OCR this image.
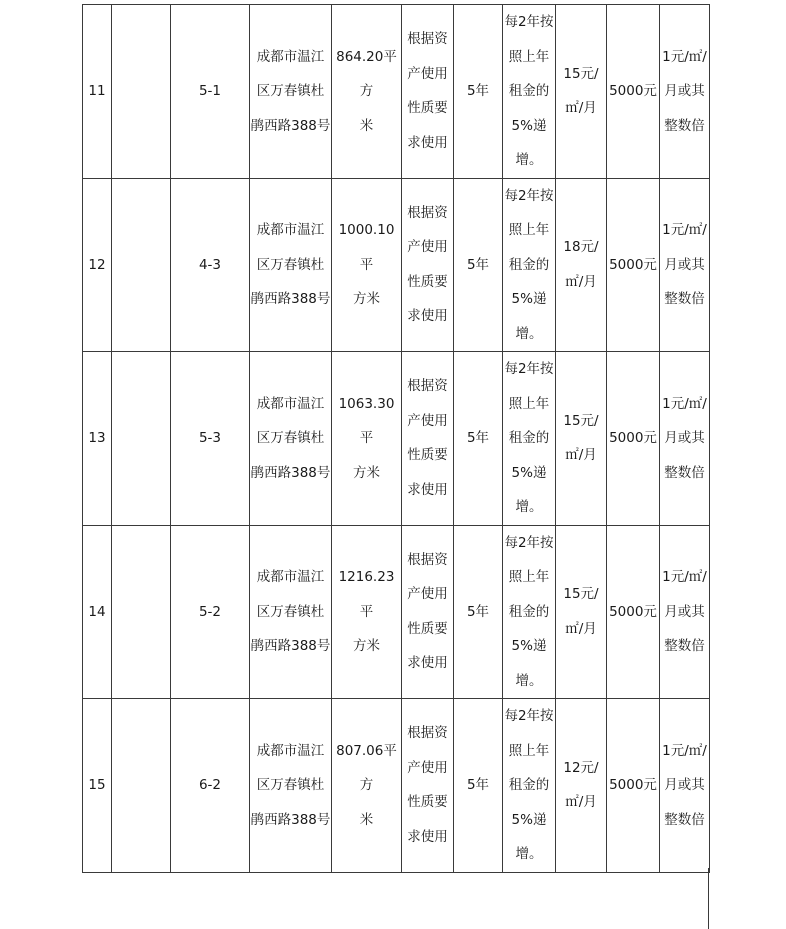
11		5-1	成都市温江
区万春镇杜
鹃西路388号	864.20平方
米	根据资
产使用
性质要
求使用	5年	每2年按
照上年
租金的
5%递
增。	15元/
㎡/月	5000元	1元/㎡/
月或其
整数倍

12		4-3	成都市温江
区万春镇杜
鹃西路388号	1000.10平
方米	根据资
产使用
性质要
求使用	5年	每2年按
照上年
租金的
5%递
增。	18元/
㎡/月	5000元	1元/㎡/
月或其
整数倍

13		5-3	成都市温江
区万春镇杜
鹃西路388号	1063.30平
方米	根据资
产使用
性质要
求使用	5年	每2年按
照上年
租金的
5%递
增。	15元/
㎡/月	5000元	1元/㎡/
月或其
整数倍

14		5-2	成都市温江
区万春镇杜
鹃西路388号	1216.23平
方米	根据资
产使用
性质要
求使用	5年	每2年按
照上年
租金的
5%递
增。	15元/
㎡/月	5000元	1元/㎡/
月或其
整数倍

15		6-2	成都市温江
区万春镇杜
鹃西路388号	807.06平方
米	根据资
产使用
性质要
求使用	5年	每2年按
照上年
租金的
5%递
增。	12元/
㎡/月	5000元	1元/㎡/
月或其
整数倍
